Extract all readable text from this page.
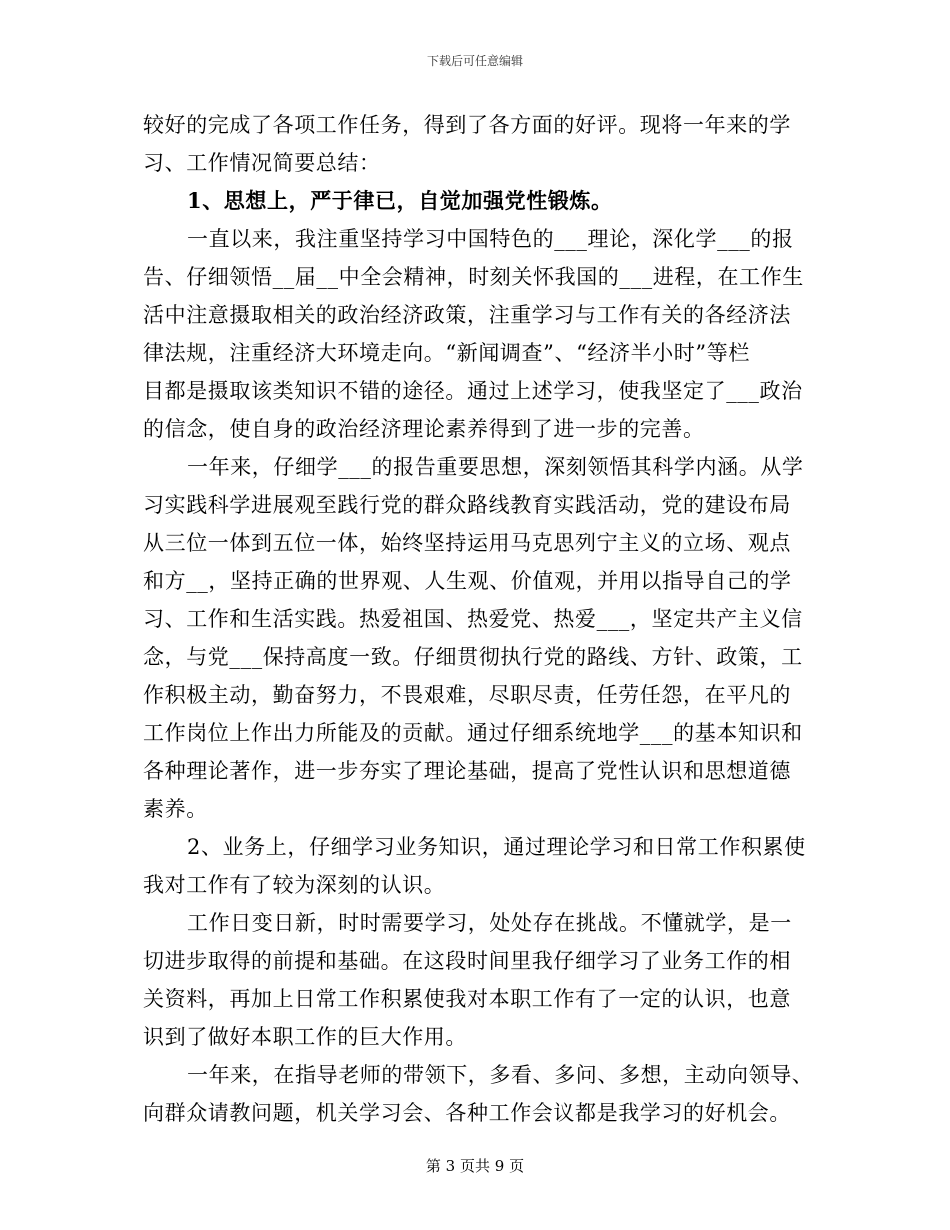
下载后可任意编辑
较好的完成了各项工作任务，得到了各方面的好评。现将一年来的学
习、工作情况简要总结：
1、思想上，严于律已，自觉加强党性锻炼。
一直以来，我注重坚持学习中国特色的___理论，深化学___的报
告、仔细领悟__届__中全会精神，时刻关怀我国的___进程，在工作生
活中注意摄取相关的政治经济政策，注重学习与工作有关的各经济法
律法规，注重经济大环境走向。“新闻调查”、“经济半小时”等栏
目都是摄取该类知识不错的途径。通过上述学习，使我坚定了___政治
的信念，使自身的政治经济理论素养得到了进一步的完善。
一年来，仔细学___的报告重要思想，深刻领悟其科学内涵。从学
习实践科学进展观至践行党的群众路线教育实践活动，党的建设布局
从三位一体到五位一体，始终坚持运用马克思列宁主义的立场、观点
和方__，坚持正确的世界观、人生观、价值观，并用以指导自己的学
习、工作和生活实践。热爱祖国、热爱党、热爱___，坚定共产主义信
念，与党___保持高度一致。仔细贯彻执行党的路线、方针、政策，工
作积极主动，勤奋努力，不畏艰难，尽职尽责，任劳任怨，在平凡的
工作岗位上作出力所能及的贡献。通过仔细系统地学___的基本知识和
各种理论著作，进一步夯实了理论基础，提高了党性认识和思想道德
素养。
2、业务上，仔细学习业务知识，通过理论学习和日常工作积累使
我对工作有了较为深刻的认识。
工作日变日新，时时需要学习，处处存在挑战。不懂就学，是一
切进步取得的前提和基础。在这段时间里我仔细学习了业务工作的相
关资料，再加上日常工作积累使我对本职工作有了一定的认识，也意
识到了做好本职工作的巨大作用。
一年来，在指导老师的带领下，多看、多问、多想，主动向领导、
向群众请教问题，机关学习会、各种工作会议都是我学习的好机会。
第 3 页共 9 页
